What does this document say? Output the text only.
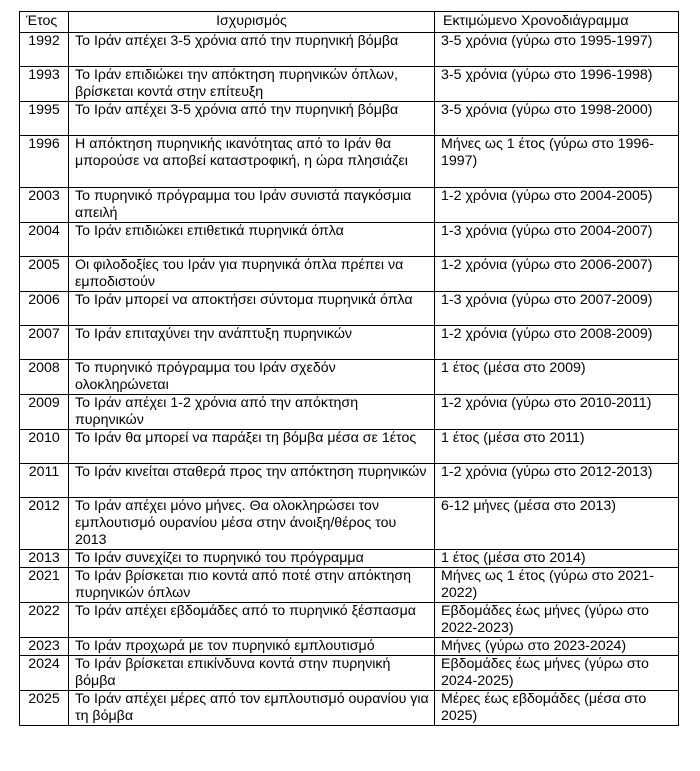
Έτος	Ισχυρισμός	Εκτιμώμενο Χρονοδιάγραμμα
1992	Το Ιράν απέχει 3-5 χρόνια από την πυρηνική βόμβα	3-5 χρόνια (γύρω στο 1995-1997)
1993	Το Ιράν επιδιώκει την απόκτηση πυρηνικών όπλων, βρίσκεται κοντά στην επίτευξη	3-5 χρόνια (γύρω στο 1996-1998)
1995	Το Ιράν απέχει 3-5 χρόνια από την πυρηνική βόμβα	3-5 χρόνια (γύρω στο 1998-2000)
1996	Η απόκτηση πυρηνικής ικανότητας από το Ιράν θα μπορούσε να αποβεί καταστροφική, η ώρα πλησιάζει	Μήνες ως 1 έτος (γύρω στο 1996-1997)
2003	Το πυρηνικό πρόγραμμα του Ιράν συνιστά παγκόσμια απειλή	1-2 χρόνια (γύρω στο 2004-2005)
2004	Το Ιράν επιδιώκει επιθετικά πυρηνικά όπλα	1-3 χρόνια (γύρω στο 2004-2007)
2005	Οι φιλοδοξίες του Ιράν για πυρηνικά όπλα πρέπει να εμποδιστούν	1-2 χρόνια (γύρω στο 2006-2007)
2006	Το Ιράν μπορεί να αποκτήσει σύντομα πυρηνικά όπλα	1-3 χρόνια (γύρω στο 2007-2009)
2007	Το Ιράν επιταχύνει την ανάπτυξη πυρηνικών	1-2 χρόνια (γύρω στο 2008-2009)
2008	Το πυρηνικό πρόγραμμα του Ιράν σχεδόν ολοκληρώνεται	1 έτος (μέσα στο 2009)
2009	Το Ιράν απέχει 1-2 χρόνια από την απόκτηση πυρηνικών	1-2 χρόνια (γύρω στο 2010-2011)
2010	Το Ιράν θα μπορεί να παράξει τη βόμβα μέσα σε 1έτος	1 έτος (μέσα στο 2011)
2011	Το Ιράν κινείται σταθερά προς την απόκτηση πυρηνικών	1-2 χρόνια (γύρω στο 2012-2013)
2012	Το Ιράν απέχει μόνο μήνες. Θα ολοκληρώσει τον εμπλουτισμό ουρανίου μέσα στην άνοιξη/θέρος του 2013	6-12 μήνες (μέσα στο 2013)
2013	Το Ιράν συνεχίζει το πυρηνικό του πρόγραμμα	1 έτος (μέσα στο 2014)
2021	Το Ιράν βρίσκεται πιο κοντά από ποτέ στην απόκτηση πυρηνικών όπλων	Μήνες ως 1 έτος (γύρω στο 2021-2022)
2022	Το Ιράν απέχει εβδομάδες από το πυρηνικό ξέσπασμα	Εβδομάδες έως μήνες (γύρω στο 2022-2023)
2023	Το Ιράν προχωρά με τον πυρηνικό εμπλουτισμό	Μήνες (γύρω στο 2023-2024)
2024	Το Ιράν βρίσκεται επικίνδυνα κοντά στην πυρηνική βόμβα	Εβδομάδες έως μήνες (γύρω στο 2024-2025)
2025	Το Ιράν απέχει μέρες από τον εμπλουτισμό ουρανίου για τη βόμβα	Μέρες έως εβδομάδες (μέσα στο 2025)
